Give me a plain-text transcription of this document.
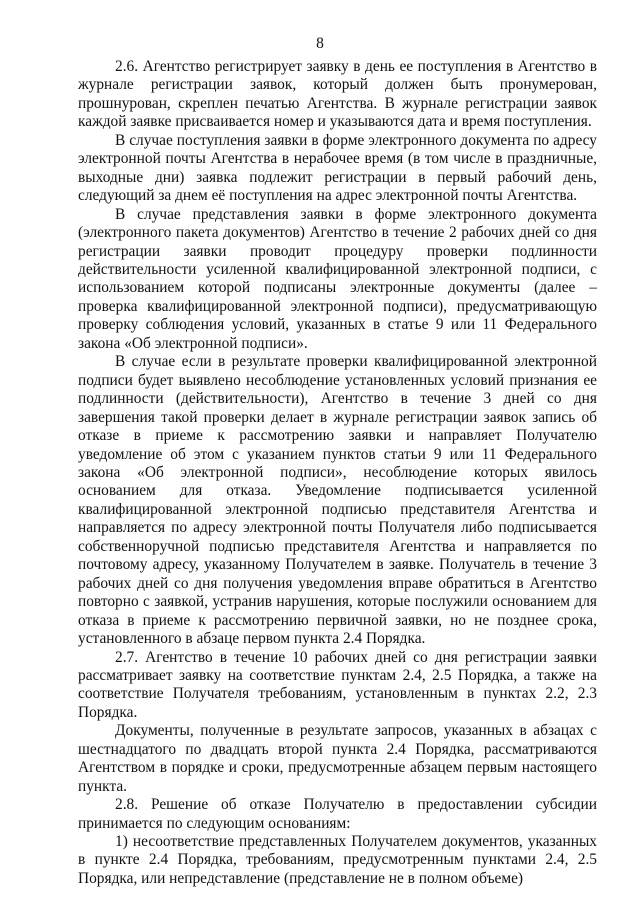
8

2.6. Агентство регистрирует заявку в день ее поступления в Агентство в журнале регистрации заявок, который должен быть пронумерован, прошнурован, скреплен печатью Агентства. В журнале регистрации заявок каждой заявке присваивается номер и указываются дата и время поступления.

В случае поступления заявки в форме электронного документа по адресу электронной почты Агентства в нерабочее время (в том числе в праздничные, выходные дни) заявка подлежит регистрации в первый рабочий день, следующий за днем её поступления на адрес электронной почты Агентства.

В случае представления заявки в форме электронного документа (электронного пакета документов) Агентство в течение 2 рабочих дней со дня регистрации заявки проводит процедуру проверки подлинности действительности усиленной квалифицированной электронной подписи, с использованием которой подписаны электронные документы (далее – проверка квалифицированной электронной подписи), предусматривающую проверку соблюдения условий, указанных в статье 9 или 11 Федерального закона «Об электронной подписи».

В случае если в результате проверки квалифицированной электронной подписи будет выявлено несоблюдение установленных условий признания ее подлинности (действительности), Агентство в течение 3 дней со дня завершения такой проверки делает в журнале регистрации заявок запись об отказе в приеме к рассмотрению заявки и направляет Получателю уведомление об этом с указанием пунктов статьи 9 или 11 Федерального закона «Об электронной подписи», несоблюдение которых явилось основанием для отказа. Уведомление подписывается усиленной квалифицированной электронной подписью представителя Агентства и направляется по адресу электронной почты Получателя либо подписывается собственноручной подписью представителя Агентства и направляется по почтовому адресу, указанному Получателем в заявке. Получатель в течение 3 рабочих дней со дня получения уведомления вправе обратиться в Агентство повторно с заявкой, устранив нарушения, которые послужили основанием для отказа в приеме к рассмотрению первичной заявки, но не позднее срока, установленного в абзаце первом пункта 2.4 Порядка.

2.7. Агентство в течение 10 рабочих дней со дня регистрации заявки рассматривает заявку на соответствие пунктам 2.4, 2.5 Порядка, а также на соответствие Получателя требованиям, установленным в пунктах 2.2, 2.3 Порядка.

Документы, полученные в результате запросов, указанных в абзацах с шестнадцатого по двадцать второй пункта 2.4 Порядка, рассматриваются Агентством в порядке и сроки, предусмотренные абзацем первым настоящего пункта.

2.8. Решение об отказе Получателю в предоставлении субсидии принимается по следующим основаниям:

1) несоответствие представленных Получателем документов, указанных в пункте 2.4 Порядка, требованиям, предусмотренным пунктами 2.4, 2.5 Порядка, или непредставление (представление не в полном объеме)
